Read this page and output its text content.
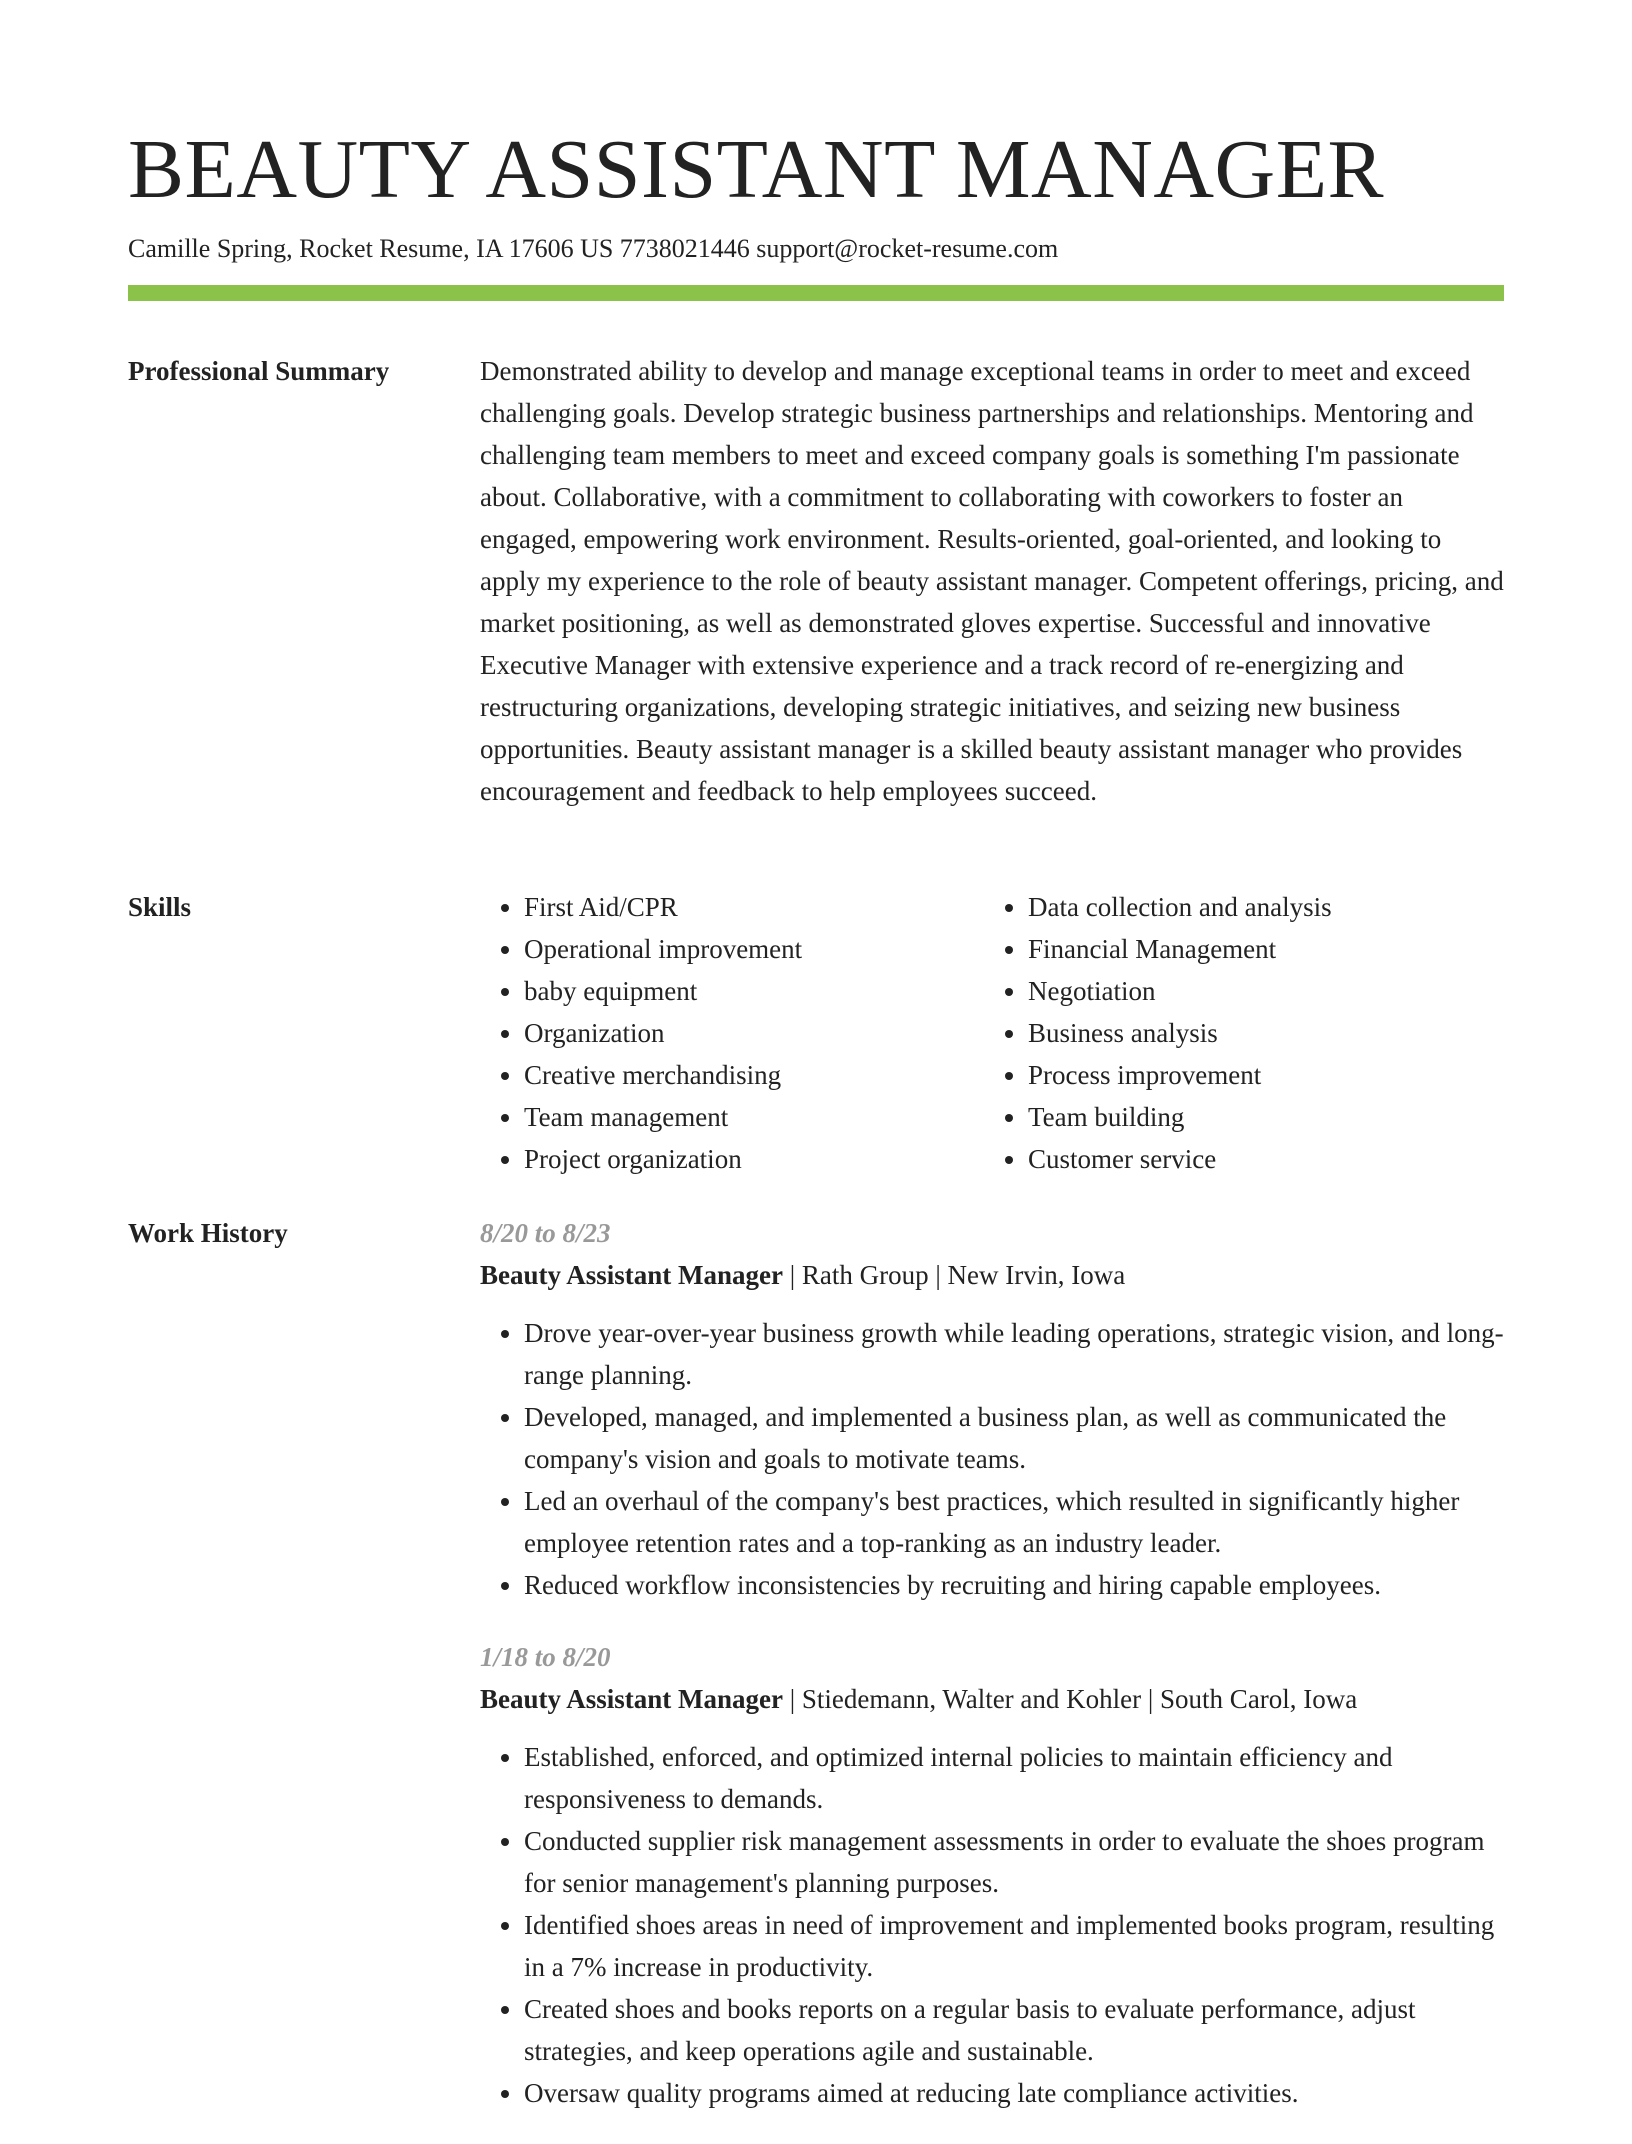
BEAUTY ASSISTANT MANAGER
Camille Spring, Rocket Resume, IA 17606 US 7738021446 support@rocket-resume.com
Professional Summary	Demonstrated ability to develop and manage exceptional teams in order to meet and exceed challenging goals. Develop strategic business partnerships and relationships. Mentoring and challenging team members to meet and exceed company goals is something I'm passionate about. Collaborative, with a commitment to collaborating with coworkers to foster an engaged, empowering work environment. Results-oriented, goal-oriented, and looking to apply my experience to the role of beauty assistant manager. Competent offerings, pricing, and market positioning, as well as demonstrated gloves expertise. Successful and innovative Executive Manager with extensive experience and a track record of re-energizing and restructuring organizations, developing strategic initiatives, and seizing new business opportunities. Beauty assistant manager is a skilled beauty assistant manager who provides encouragement and feedback to help employees succeed.

Skills
•	First Aid/CPR
• Operational improvement
• baby equipment
• Organization
• Creative merchandising
• Team management
• Project organization
• Data collection and analysis
• Financial Management
• Negotiation
• Business analysis
• Process improvement
• Team building
• Customer service
Work History	8/20 to 8/23
Beauty Assistant Manager | Rath Group | New Irvin, Iowa
• Drove year-over-year business growth while leading operations, strategic vision, and long-range planning.
• Developed, managed, and implemented a business plan, as well as communicated the company's vision and goals to motivate teams.
• Led an overhaul of the company's best practices, which resulted in significantly higher employee retention rates and a top-ranking as an industry leader.
• Reduced workflow inconsistencies by recruiting and hiring capable employees.
1/18 to 8/20
Beauty Assistant Manager | Stiedemann, Walter and Kohler | South Carol, Iowa
• Established, enforced, and optimized internal policies to maintain efficiency and responsiveness to demands.
• Conducted supplier risk management assessments in order to evaluate the shoes program for senior management's planning purposes.
• Identified shoes areas in need of improvement and implemented books program, resulting in a 7% increase in productivity.
• Created shoes and books reports on a regular basis to evaluate performance, adjust strategies, and keep operations agile and sustainable.
• Oversaw quality programs aimed at reducing late compliance activities.
